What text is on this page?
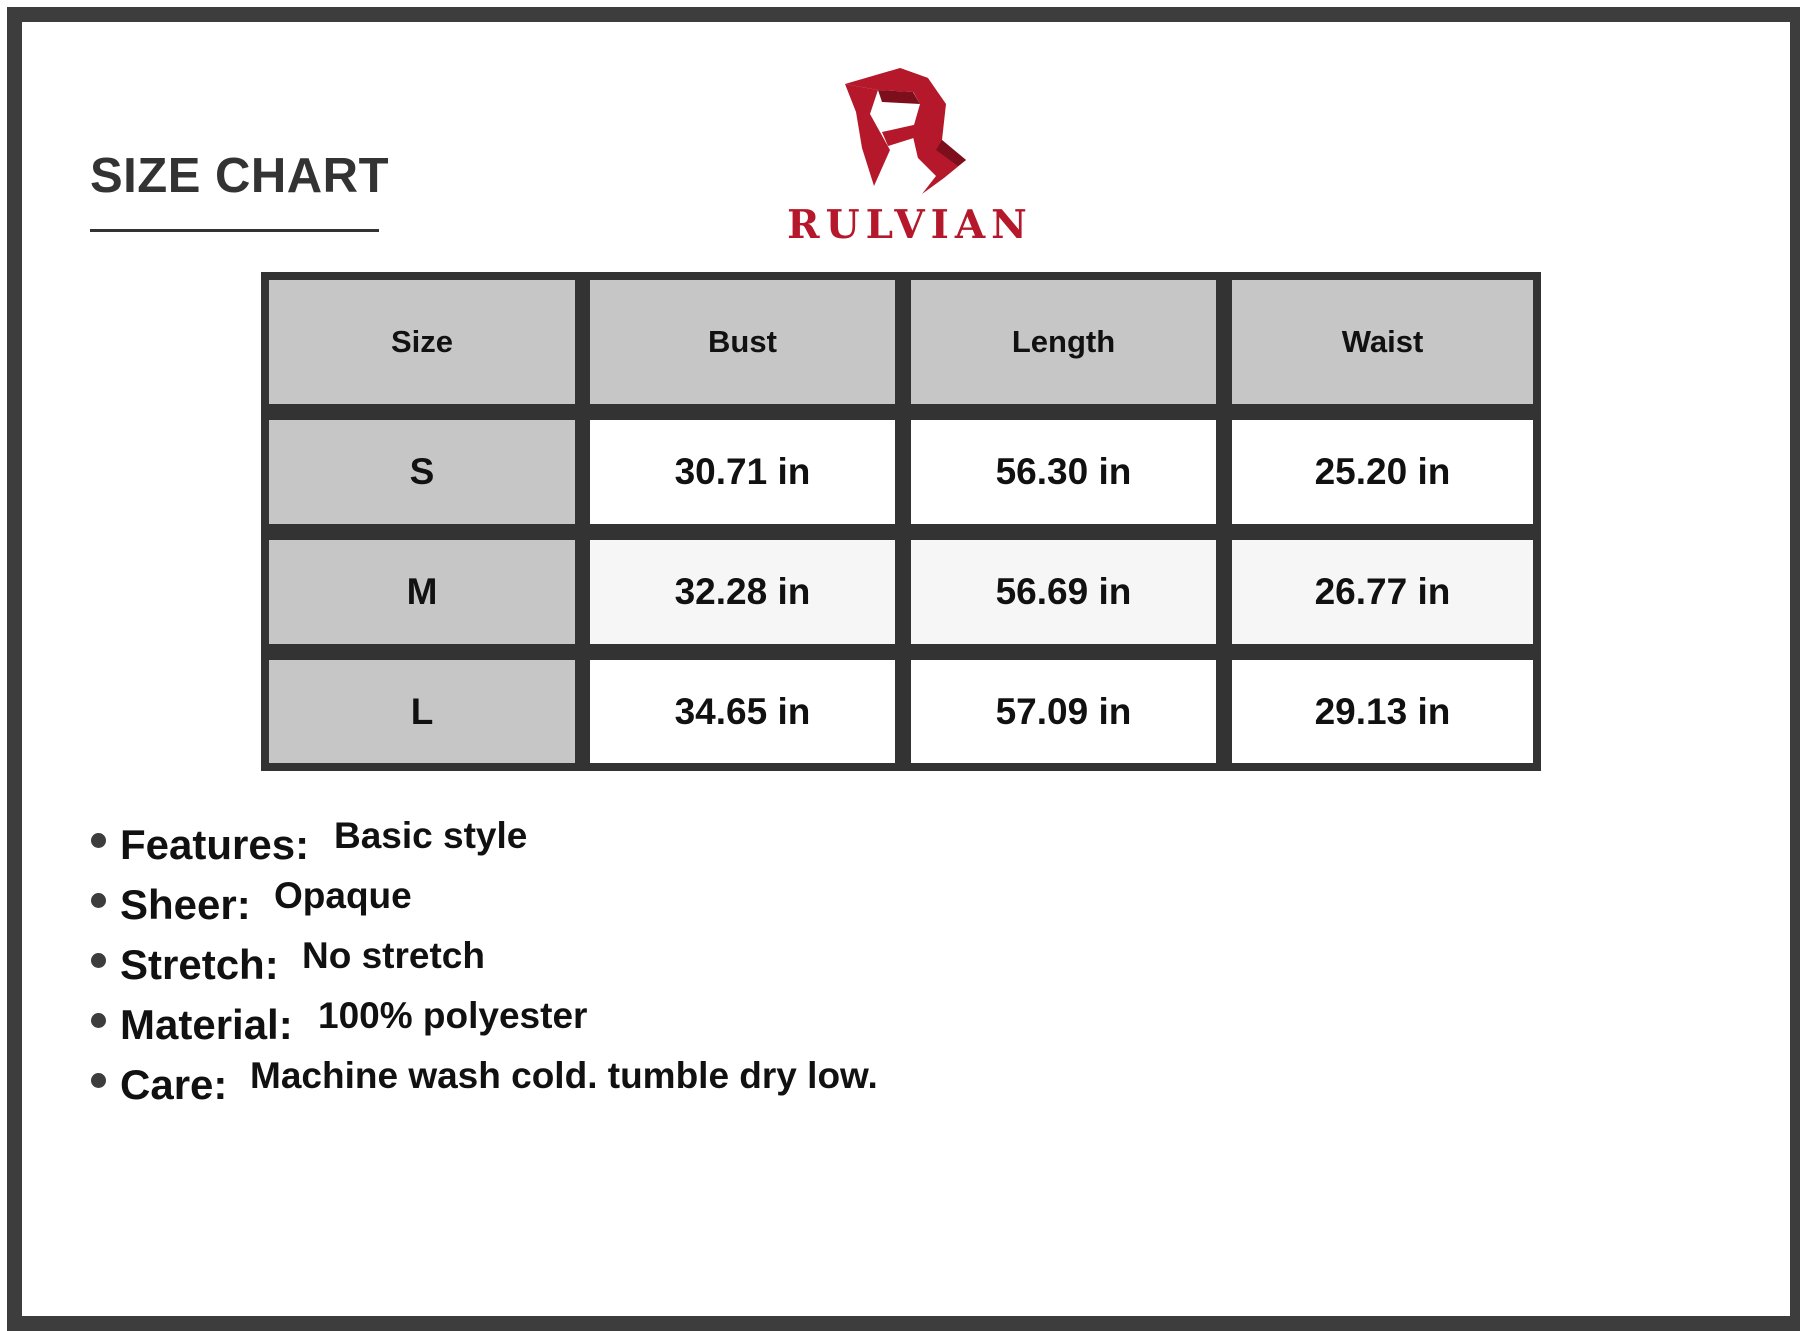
SIZE CHART
RULVIAN
Size	Bust	Length	Waist
S	30.71 in	56.30 in	25.20 in
M	32.28 in	56.69 in	26.77 in
L	34.65 in	57.09 in	29.13 in
Features: Basic style
Sheer: Opaque
Stretch: No stretch
Material: 100% polyester
Care: Machine wash cold. tumble dry low.
